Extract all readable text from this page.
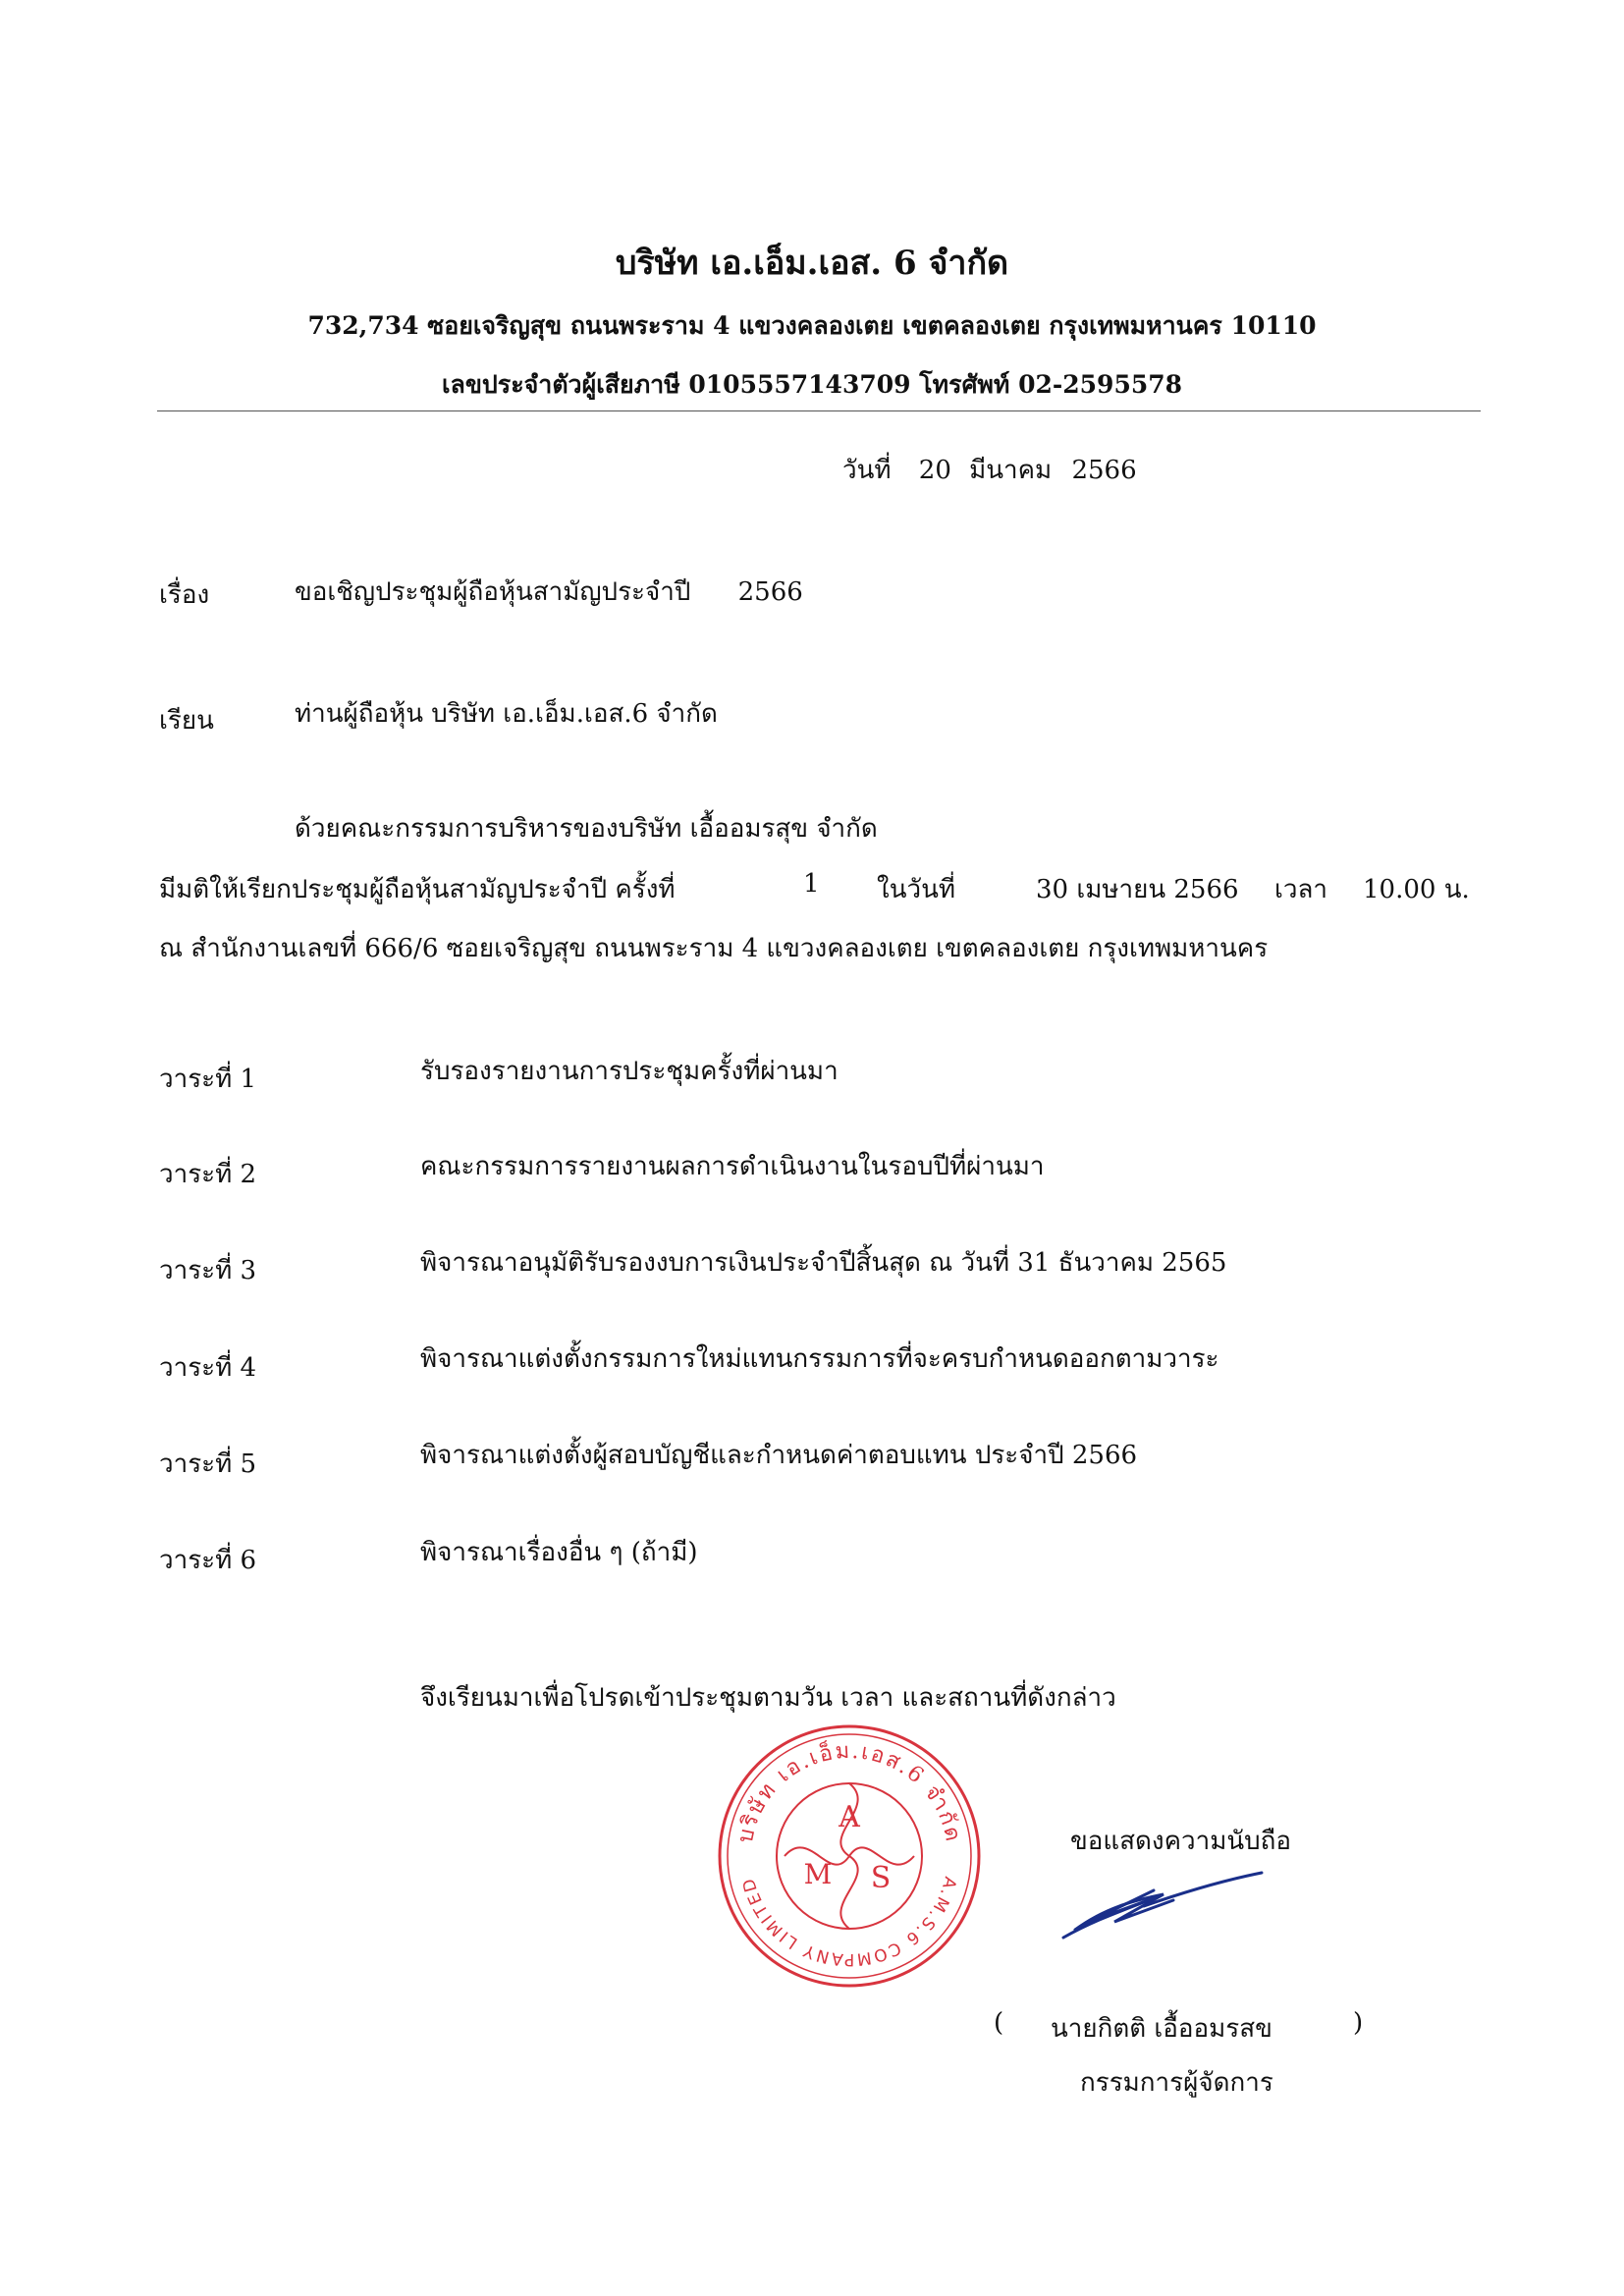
บริษัท เอ.เอ็ม.เอส. 6 จำกัด
732,734 ซอยเจริญสุข ถนนพระราม 4 แขวงคลองเตย เขตคลองเตย กรุงเทพมหานคร 10110
เลขประจำตัวผู้เสียภาษี 0105557143709 โทรศัพท์ 02-2595578
วันที่ 20 มีนาคม 2566
เรื่อง	ขอเชิญประชุมผู้ถือหุ้นสามัญประจำปี 2566
เรียน	ท่านผู้ถือหุ้น บริษัท เอ.เอ็ม.เอส.6 จำกัด
ด้วยคณะกรรมการบริหารของบริษัท เอื้ออมรสุข จำกัด
มีมติให้เรียกประชุมผู้ถือหุ้นสามัญประจำปี ครั้งที่	1 ในวันที่	30 เมษายน 2566 เวลา 10.00 น.
ณ สำนักงานเลขที่ 666/6 ซอยเจริญสุข ถนนพระราม 4 แขวงคลองเตย เขตคลองเตย กรุงเทพมหานคร
วาระที่ 1	รับรองรายงานการประชุมครั้งที่ผ่านมา
วาระที่ 2	คณะกรรมการรายงานผลการดำเนินงานในรอบปีที่ผ่านมา
วาระที่ 3	พิจารณาอนุมัติรับรองงบการเงินประจำปีสิ้นสุด ณ วันที่ 31 ธันวาคม 2565
วาระที่ 4	พิจารณาแต่งตั้งกรรมการใหม่แทนกรรมการที่จะครบกำหนดออกตามวาระ
วาระที่ 5	พิจารณาแต่งตั้งผู้สอบบัญชีและกำหนดค่าตอบแทน ประจำปี 2566
วาระที่ 6	พิจารณาเรื่องอื่น ๆ (ถ้ามี)
จึงเรียนมาเพื่อโปรดเข้าประชุมตามวัน เวลา และสถานที่ดังกล่าว
บริษัท เอ.เอ็ม.เอส.6 จำกัด
A.M.S.6 COMPANY LIMITED
A
M S
ขอแสดงความนับถือ
( นายกิตติ เอื้ออมรสข	)
กรรมการผู้จัดการ
